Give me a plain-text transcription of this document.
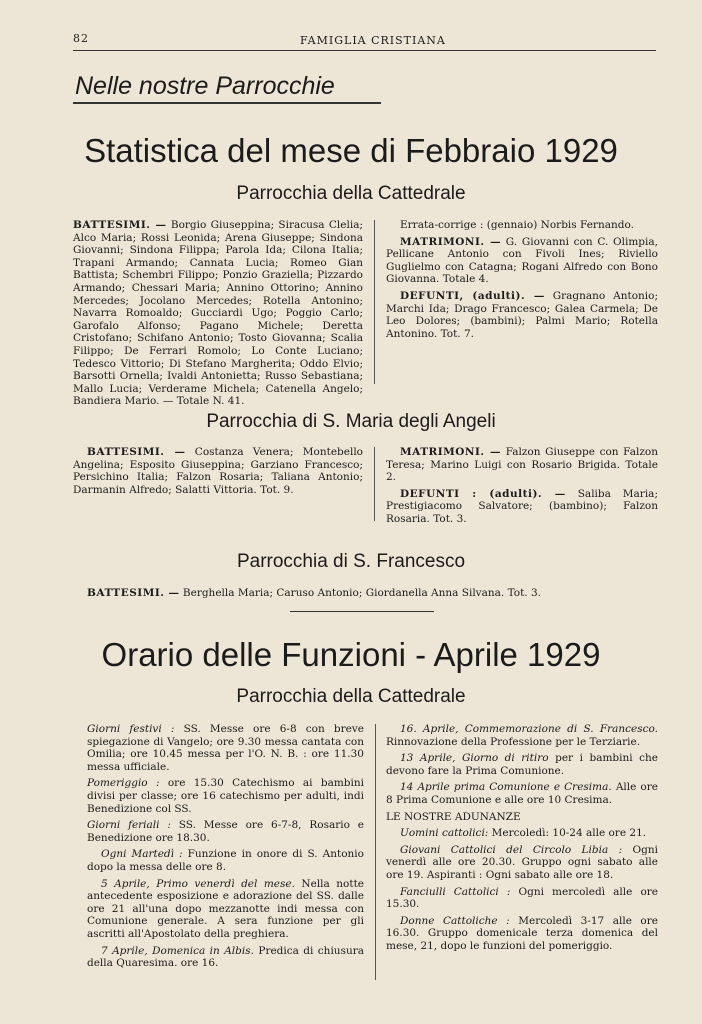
82	FAMIGLIA CRISTIANA
Nelle nostre Parrocchie
Statistica del mese di Febbraio 1929
Parrocchia della Cattedrale

BATTESIMI. — Borgio Giuseppina; Siracusa Clelia; Alco Maria; Rossi Leonida; Arena Giuseppe; Sindona Giovanni; Sindona Filippa; Parola Ida; Cilona Italia; Trapani Armando; Cannata Lucia; Romeo Gian Battista; Schembri Filippo; Ponzio Graziella; Pizzardo Armando; Chessari Maria; Annino Ottorino; Annino Mercedes; Jocolano Mercedes; Rotella Antonino; Navarra Romoaldo; Gucciardi Ugo; Poggio Carlo; Garofalo Alfonso; Pagano Michele; Deretta Cristofano; Schifano Antonio; Tosto Giovanna; Scalia Filippo; De Ferrari Romolo; Lo Conte Luciano; Tedesco Vittorio; Di Stefano Margherita; Oddo Elvio; Barsotti Ornella; Ivaldi Antonietta; Russo Sebastiana; Mallo Lucia; Verderame Michela; Catenella Angelo; Bandiera Mario. — Totale N. 41.

Errata-corrige : (gennaio) Norbis Fernando.

MATRIMONI. — G. Giovanni con C. Olimpia, Pellicane Antonio con Fivoli Ines; Riviello Guglielmo con Catagna; Rogani Alfredo con Bono Giovanna. Totale 4.

DEFUNTI, (adulti). — Gragnano Antonio; Marchi Ida; Drago Francesco; Galea Carmela; De Leo Dolores; (bambini); Palmi Mario; Rotella Antonino. Tot. 7.

Parrocchia di S. Maria degli Angeli

BATTESIMI. — Costanza Venera; Montebello Angelina; Esposito Giuseppina; Garziano Francesco; Persichino Italia; Falzon Rosaria; Taliana Antonio; Darmanin Alfredo; Salatti Vittoria. Tot. 9.

MATRIMONI. — Falzon Giuseppe con Falzon Teresa; Marino Luigi con Rosario Brigida. Totale 2.

DEFUNTI : (adulti). — Saliba Maria; Prestigiacomo Salvatore; (bambino); Falzon Rosaria. Tot. 3.

Parrocchia di S. Francesco

BATTESIMI. — Berghella Maria; Caruso Antonio; Giordanella Anna Silvana. Tot. 3.

Orario delle Funzioni - Aprile 1929
Parrocchia della Cattedrale

Giorni festivi : SS. Messe ore 6-8 con breve spiegazione di Vangelo; ore 9.30 messa cantata con Omilia; ore 10.45 messa per l'O. N. B. : ore 11.30 messa ufficiale.

Pomeriggio : ore 15.30 Catechismo ai bambini divisi per classe; ore 16 catechismo per adulti, indi Benedizione col SS.

Giorni feriali : SS. Messe ore 6-7-8, Rosario e Benedizione ore 18.30.

Ogni Martedì : Funzione in onore di S. Antonio dopo la messa delle ore 8.

5 Aprile, Primo venerdì del mese. Nella notte antecedente esposizione e adorazione del SS. dalle ore 21 all'una dopo mezzanotte indi messa con Comunione generale. A sera funzione per gli ascritti all'Apostolato della preghiera.

7 Aprile, Domenica in Albis. Predica di chiusura della Quaresima. ore 16.

16. Aprile, Commemorazione di S. Francesco. Rinnovazione della Professione per le Terziarie.

13 Aprile, Giorno di ritiro per i bambini che devono fare la Prima Comunione.

14 Aprile prima Comunione e Cresima. Alle ore 8 Prima Comunione e alle ore 10 Cresima.

LE NOSTRE ADUNANZE

Uomini cattolici: Mercoledì: 10-24 alle ore 21.

Giovani Cattolici del Circolo Libia : Ogni venerdì alle ore 20.30. Gruppo ogni sabato alle ore 19. Aspiranti : Ogni sabato alle ore 18.

Fanciulli Cattolici : Ogni mercoledì alle ore 15.30.

Donne Cattoliche : Mercoledì 3-17 alle ore 16.30. Gruppo domenicale terza domenica del mese, 21, dopo le funzioni del pomeriggio.
